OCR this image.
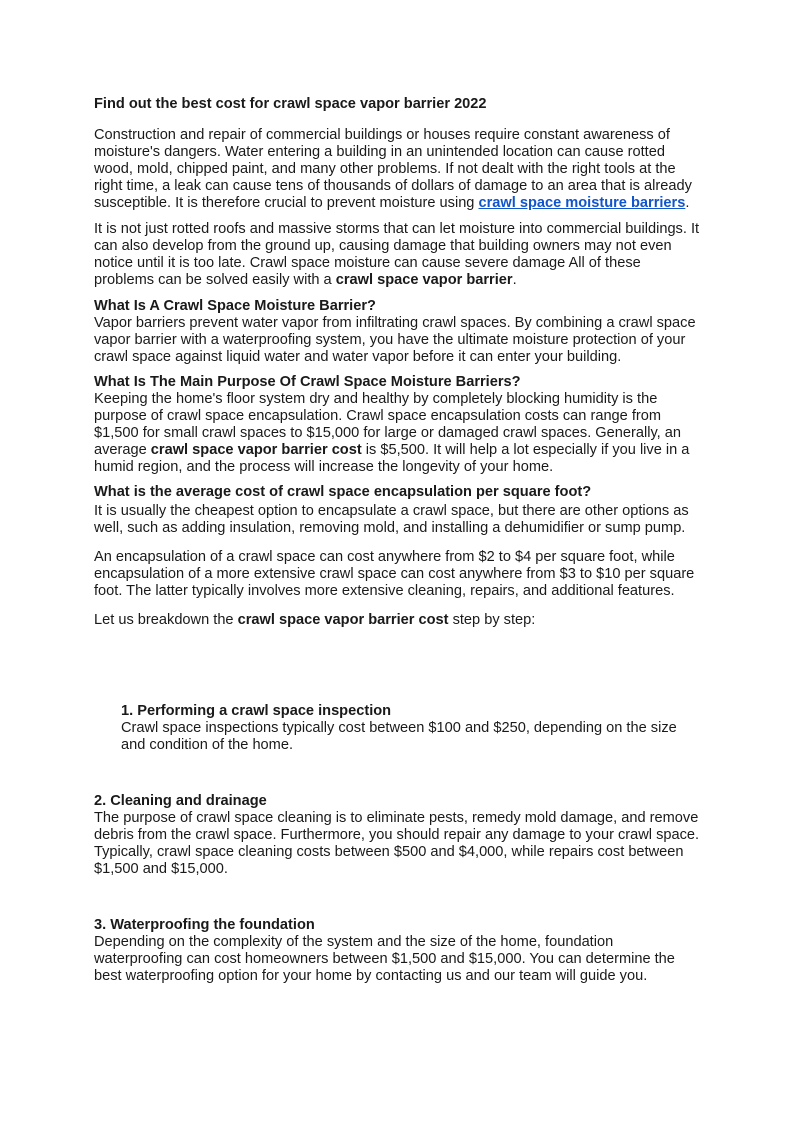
Find out the best cost for crawl space vapor barrier 2022

Construction and repair of commercial buildings or houses require constant awareness of moisture's dangers. Water entering a building in an unintended location can cause rotted wood, mold, chipped paint, and many other problems. If not dealt with the right tools at the right time, a leak can cause tens of thousands of dollars of damage to an area that is already susceptible. It is therefore crucial to prevent moisture using crawl space moisture barriers.

It is not just rotted roofs and massive storms that can let moisture into commercial buildings. It can also develop from the ground up, causing damage that building owners may not even notice until it is too late. Crawl space moisture can cause severe damage All of these problems can be solved easily with a crawl space vapor barrier.

What Is A Crawl Space Moisture Barrier?

Vapor barriers prevent water vapor from infiltrating crawl spaces. By combining a crawl space vapor barrier with a waterproofing system, you have the ultimate moisture protection of your crawl space against liquid water and water vapor before it can enter your building.

What Is The Main Purpose Of Crawl Space Moisture Barriers?

Keeping the home's floor system dry and healthy by completely blocking humidity is the purpose of crawl space encapsulation. Crawl space encapsulation costs can range from $1,500 for small crawl spaces to $15,000 for large or damaged crawl spaces. Generally, an average crawl space vapor barrier cost is $5,500. It will help a lot especially if you live in a humid region, and the process will increase the longevity of your home.

What is the average cost of crawl space encapsulation per square foot?

It is usually the cheapest option to encapsulate a crawl space, but there are other options as well, such as adding insulation, removing mold, and installing a dehumidifier or sump pump.

An encapsulation of a crawl space can cost anywhere from $2 to $4 per square foot, while encapsulation of a more extensive crawl space can cost anywhere from $3 to $10 per square foot. The latter typically involves more extensive cleaning, repairs, and additional features.

Let us breakdown the crawl space vapor barrier cost step by step:

1. Performing a crawl space inspection

Crawl space inspections typically cost between $100 and $250, depending on the size and condition of the home.

2. Cleaning and drainage

The purpose of crawl space cleaning is to eliminate pests, remedy mold damage, and remove debris from the crawl space. Furthermore, you should repair any damage to your crawl space. Typically, crawl space cleaning costs between $500 and $4,000, while repairs cost between $1,500 and $15,000.

3. Waterproofing the foundation

Depending on the complexity of the system and the size of the home, foundation waterproofing can cost homeowners between $1,500 and $15,000. You can determine the best waterproofing option for your home by contacting us and our team will guide you.
